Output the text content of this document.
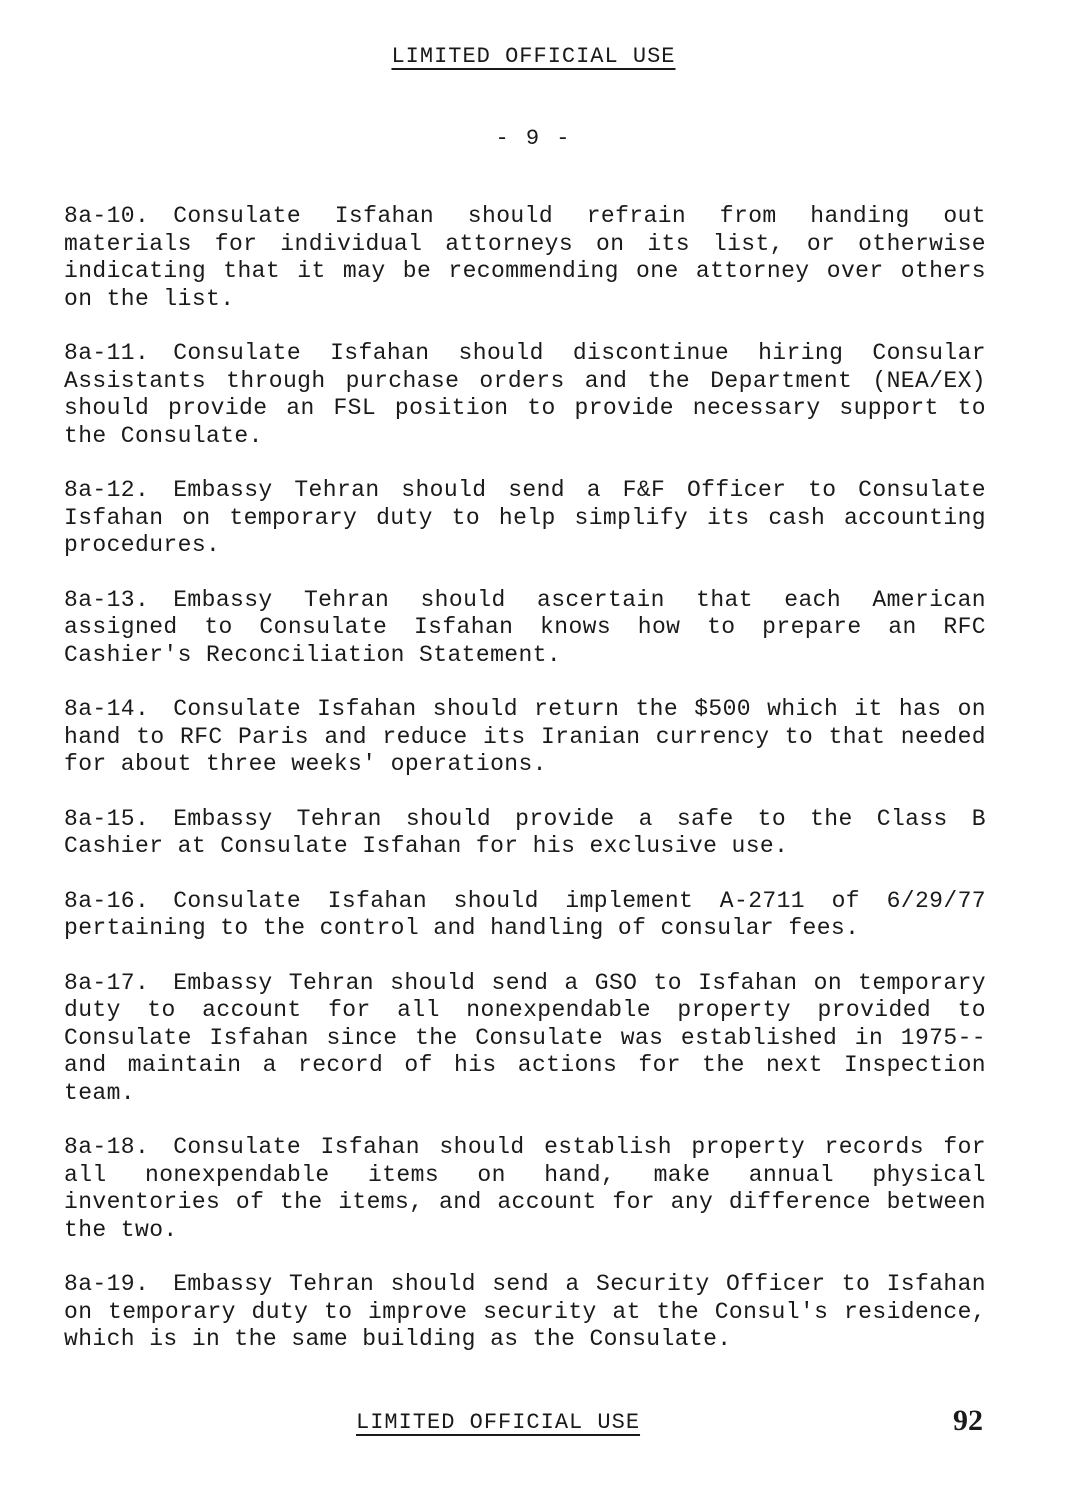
LIMITED OFFICIAL USE
- 9 -

8a-10. Consulate Isfahan should refrain from handing out materials for individual attorneys on its list, or otherwise indicating that it may be recommending one attorney over others on the list.

8a-11. Consulate Isfahan should discontinue hiring Consular Assistants through purchase orders and the Department (NEA/EX) should provide an FSL position to provide necessary support to the Consulate.

8a-12. Embassy Tehran should send a F&F Officer to Consulate Isfahan on temporary duty to help simplify its cash accounting procedures.

8a-13. Embassy Tehran should ascertain that each American assigned to Consulate Isfahan knows how to prepare an RFC Cashier's Reconciliation Statement.

8a-14. Consulate Isfahan should return the $500 which it has on hand to RFC Paris and reduce its Iranian currency to that needed for about three weeks' operations.

8a-15. Embassy Tehran should provide a safe to the Class B Cashier at Consulate Isfahan for his exclusive use.

8a-16. Consulate Isfahan should implement A-2711 of 6/29/77 pertaining to the control and handling of consular fees.

8a-17. Embassy Tehran should send a GSO to Isfahan on temporary duty to account for all nonexpendable property provided to Consulate Isfahan since the Consulate was established in 1975--and maintain a record of his actions for the next Inspection team.

8a-18. Consulate Isfahan should establish property records for all nonexpendable items on hand, make annual physical inventories of the items, and account for any difference between the two.

8a-19. Embassy Tehran should send a Security Officer to Isfahan on temporary duty to improve security at the Consul's residence, which is in the same building as the Consulate.

LIMITED OFFICIAL USE	92
